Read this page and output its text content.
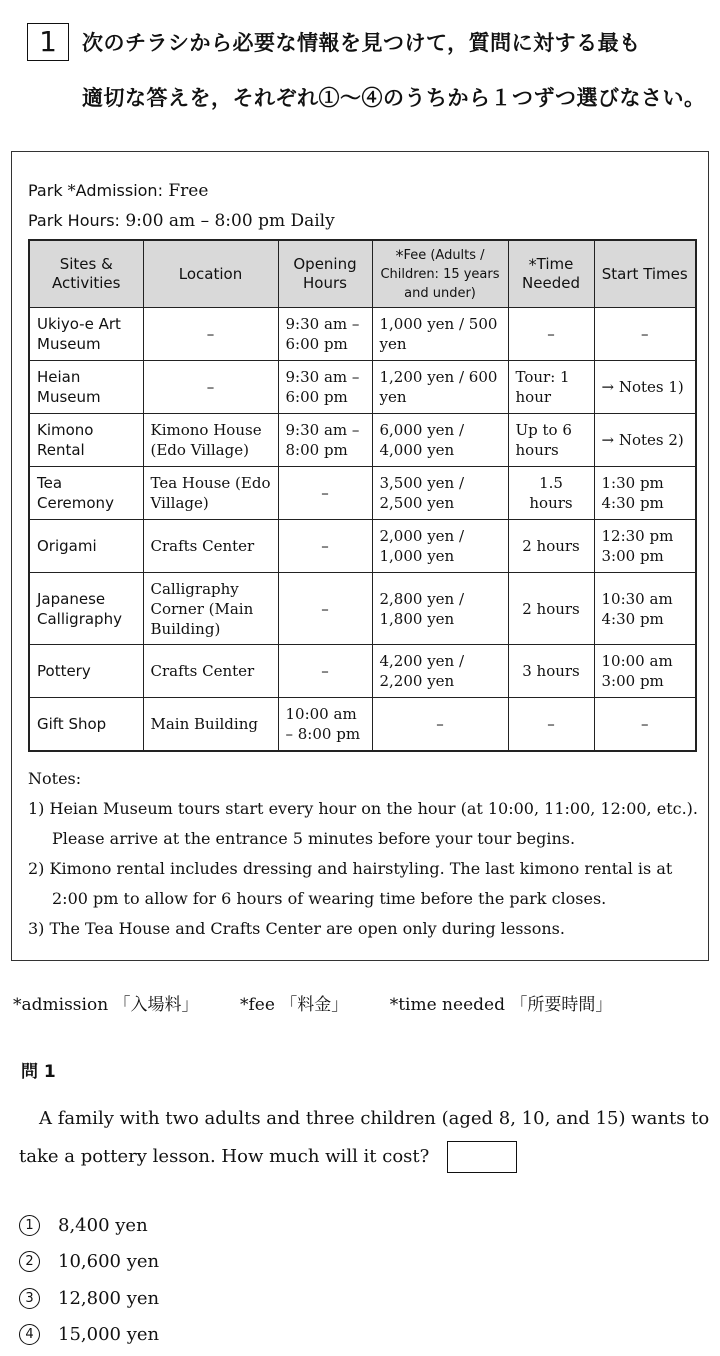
1	次のチラシから必要な情報を見つけて，質問に対する最も
適切な答えを，それぞれ①〜④のうちから１つずつ選びなさい。
Park *Admission: Free
Park Hours: 9:00 am – 8:00 pm Daily
Sites & Activities	Location	Opening Hours	*Fee (Adults / Children: 15 years and under)	*Time Needed	Start Times
Ukiyo-e Art Museum	–	9:30 am – 6:00 pm	1,000 yen / 500 yen	–	–
Heian Museum	–	9:30 am – 6:00 pm	1,200 yen / 600 yen	Tour: 1 hour	→ Notes 1)
Kimono Rental	Kimono House (Edo Village)	9:30 am – 8:00 pm	6,000 yen / 4,000 yen	Up to 6 hours	→ Notes 2)
Tea Ceremony	Tea House (Edo Village)	–	3,500 yen / 2,500 yen	1.5 hours	1:30 pm 4:30 pm
Origami	Crafts Center	–	2,000 yen / 1,000 yen	2 hours	12:30 pm 3:00 pm
Japanese Calligraphy	Calligraphy Corner (Main Building)	–	2,800 yen / 1,800 yen	2 hours	10:30 am 4:30 pm
Pottery	Crafts Center	–	4,200 yen / 2,200 yen	3 hours	10:00 am 3:00 pm
Gift Shop	Main Building	10:00 am – 8:00 pm	–	–	–
Notes:
1) Heian Museum tours start every hour on the hour (at 10:00, 11:00, 12:00, etc.). Please arrive at the entrance 5 minutes before your tour begins.
2) Kimono rental includes dressing and hairstyling. The last kimono rental is at 2:00 pm to allow for 6 hours of wearing time before the park closes.
3) The Tea House and Crafts Center are open only during lessons.
*admission 「入場料」 *fee 「料金」 *time needed 「所要時間」
問 1

A family with two adults and three children (aged 8, 10, and 15) wants to take a pottery lesson. How much will it cost?

1	8,400 yen
2	10,600 yen
3	12,800 yen
4	15,000 yen
